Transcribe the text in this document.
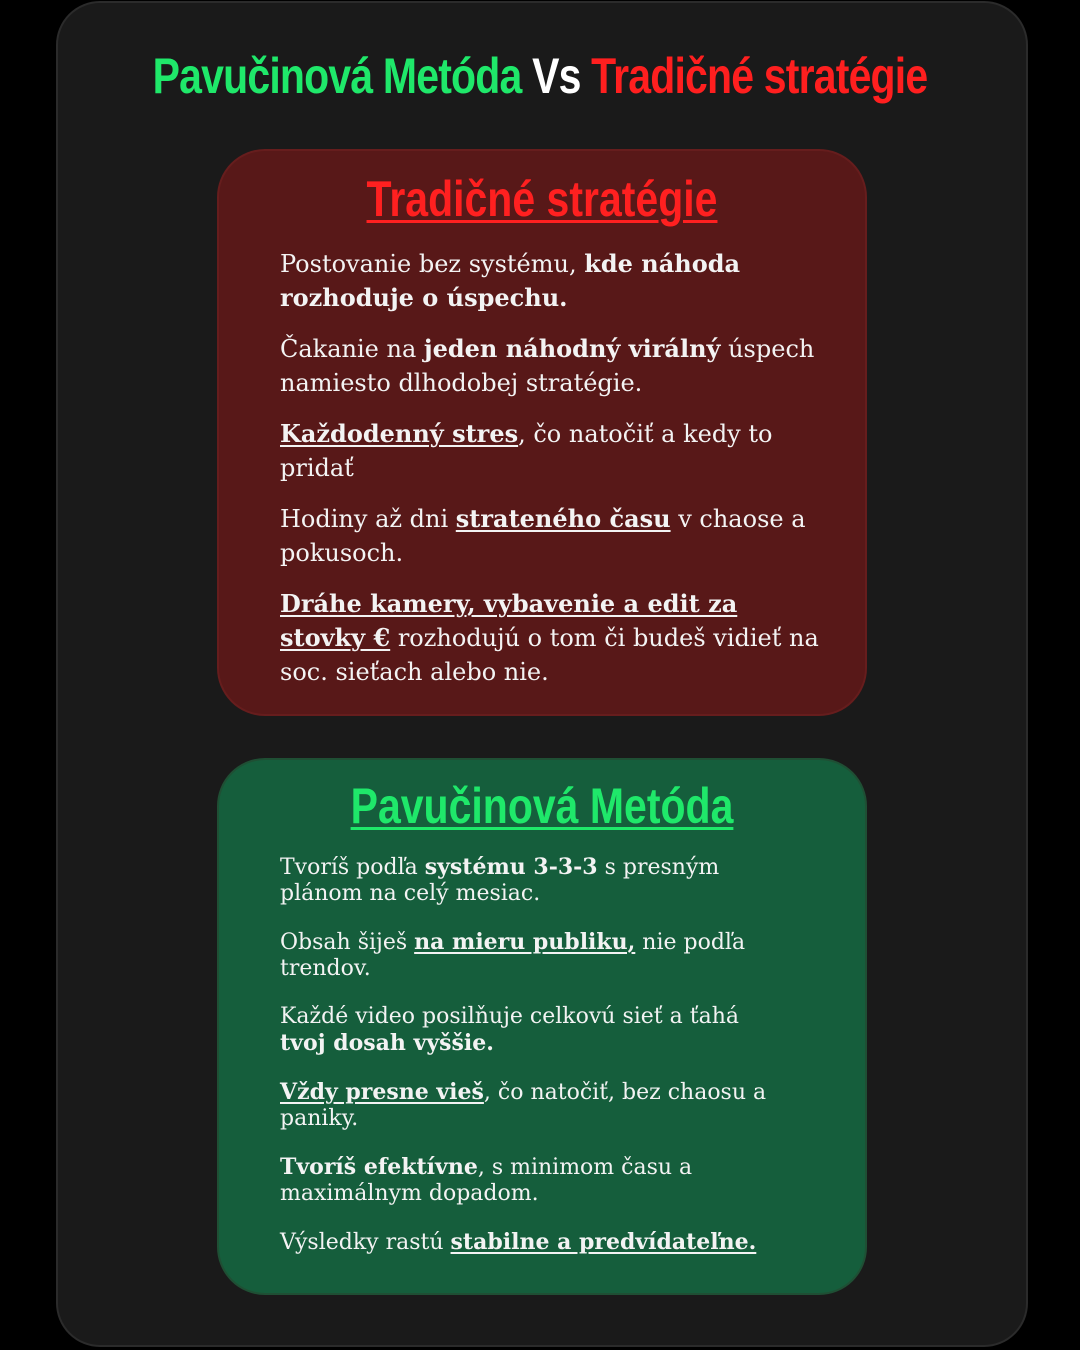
Pavučinová Metóda Vs Tradičné stratégie
Tradičné stratégie

Postovanie bez systému, kde náhoda rozhoduje o úspechu.

Čakanie na jeden náhodný virálný úspech namiesto dlhodobej stratégie.

Každodenný stres, čo natočiť a kedy to pridať

Hodiny až dni strateného času v chaose a pokusoch.

Dráhe kamery, vybavenie a edit za stovky € rozhodujú o tom či budeš vidieť na soc. sieťach alebo nie.

Pavučinová Metóda

Tvoríš podľa systému 3-3-3 s presným plánom na celý mesiac.

Obsah šiješ na mieru publiku, nie podľa trendov.

Každé video posilňuje celkovú sieť a ťahá tvoj dosah vyššie.

Vždy presne vieš, čo natočiť, bez chaosu a paniky.

Tvoríš efektívne, s minimom času a maximálnym dopadom.

Výsledky rastú stabilne a predvídateľne.
